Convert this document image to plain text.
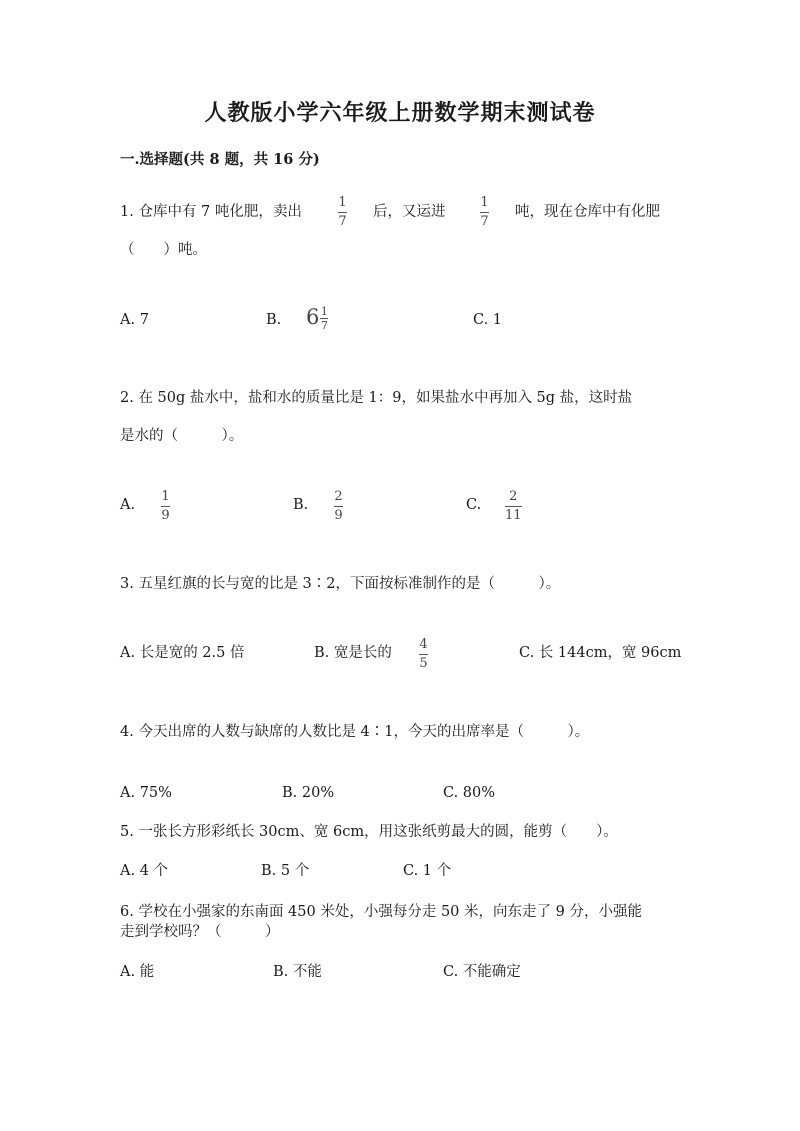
人教版小学六年级上册数学期末测试卷
一.选择题(共 8 题，共 16 分)
1. 仓库中有 7 吨化肥，卖出
1
7
后，又运进
1
7
吨，现在仓库中有化肥
（　　）吨。
A. 7	B. $6 \frac{1}{7}$	C. 1
2. 在 50g 盐水中，盐和水的质量比是 1：9，如果盐水中再加入 5g 盐，这时盐
是水的（　　　）。
A.
1
9
B.
2
9
C.
2
11
3. 五星红旗的长与宽的比是 3∶2，下面按标准制作的是（　　　）。
A. 长是宽的 2.5 倍	B. 宽是长的
4
5
C. 长 144cm，宽 96cm
4. 今天出席的人数与缺席的人数比是 4∶1，今天的出席率是（　　　）。
A. 75%	B. 20%	C. 80%
5. 一张长方形彩纸长 30cm、宽 6cm，用这张纸剪最大的圆，能剪（　　）。
A. 4 个	B. 5 个	C. 1 个
6. 学校在小强家的东南面 450 米处，小强每分走 50 米，向东走了 9 分，小强能
走到学校吗？（　　　）
A. 能	B. 不能	C. 不能确定
